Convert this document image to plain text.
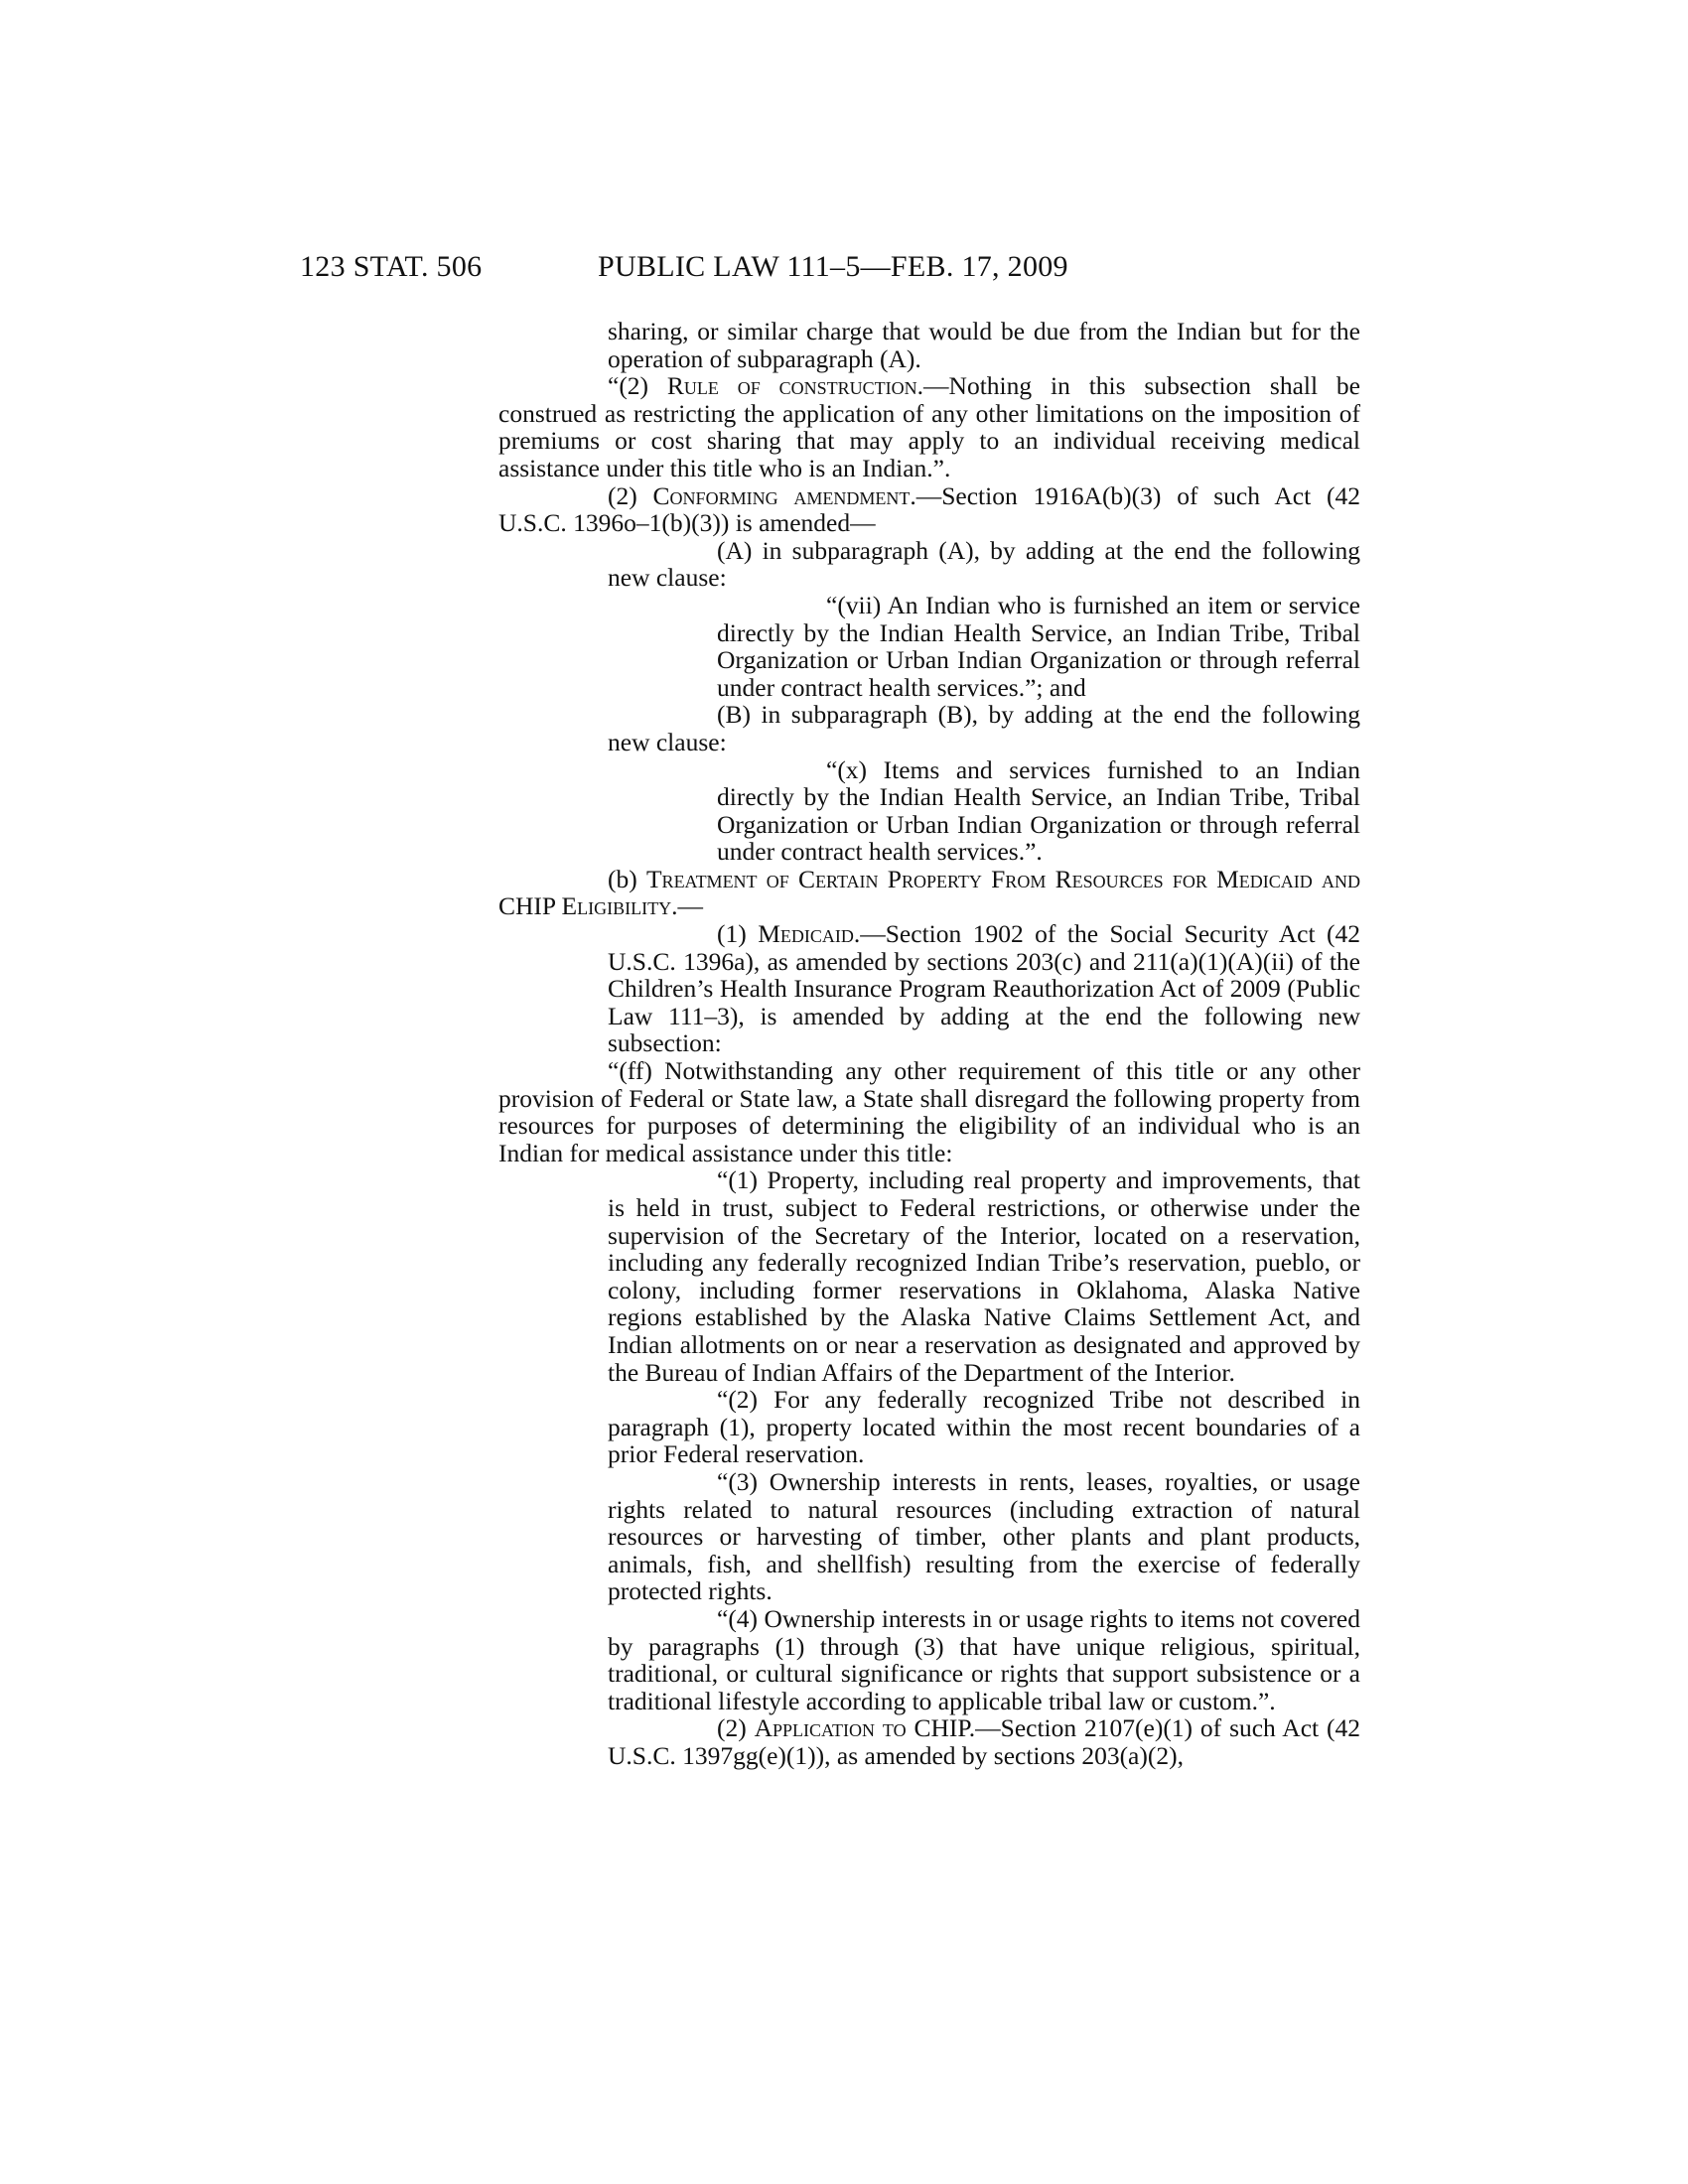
123 STAT. 506	PUBLIC LAW 111–5—FEB. 17, 2009

sharing, or similar charge that would be due from the Indian but for the operation of subparagraph (A).

“(2) Rule of construction.—Nothing in this subsection shall be construed as restricting the application of any other limitations on the imposition of premiums or cost sharing that may apply to an individual receiving medical assistance under this title who is an Indian.”.

(2) Conforming amendment.—Section 1916A(b)(3) of such Act (42 U.S.C. 1396o–1(b)(3)) is amended—

(A) in subparagraph (A), by adding at the end the following new clause:

“(vii) An Indian who is furnished an item or service directly by the Indian Health Service, an Indian Tribe, Tribal Organization or Urban Indian Organization or through referral under contract health services.”; and

(B) in subparagraph (B), by adding at the end the following new clause:

“(x) Items and services furnished to an Indian directly by the Indian Health Service, an Indian Tribe, Tribal Organization or Urban Indian Organization or through referral under contract health services.”.

(b) Treatment of Certain Property From Resources for Medicaid and CHIP Eligibility.—

(1) Medicaid.—Section 1902 of the Social Security Act (42 U.S.C. 1396a), as amended by sections 203(c) and 211(a)(1)(A)(ii) of the Children’s Health Insurance Program Reauthorization Act of 2009 (Public Law 111–3), is amended by adding at the end the following new subsection:

“(ff) Notwithstanding any other requirement of this title or any other provision of Federal or State law, a State shall disregard the following property from resources for purposes of determining the eligibility of an individual who is an Indian for medical assistance under this title:

“(1) Property, including real property and improvements, that is held in trust, subject to Federal restrictions, or otherwise under the supervision of the Secretary of the Interior, located on a reservation, including any federally recognized Indian Tribe’s reservation, pueblo, or colony, including former reservations in Oklahoma, Alaska Native regions established by the Alaska Native Claims Settlement Act, and Indian allotments on or near a reservation as designated and approved by the Bureau of Indian Affairs of the Department of the Interior.

“(2) For any federally recognized Tribe not described in paragraph (1), property located within the most recent boundaries of a prior Federal reservation.

“(3) Ownership interests in rents, leases, royalties, or usage rights related to natural resources (including extraction of natural resources or harvesting of timber, other plants and plant products, animals, fish, and shellfish) resulting from the exercise of federally protected rights.

“(4) Ownership interests in or usage rights to items not covered by paragraphs (1) through (3) that have unique religious, spiritual, traditional, or cultural significance or rights that support subsistence or a traditional lifestyle according to applicable tribal law or custom.”.

(2) Application to CHIP.—Section 2107(e)(1) of such Act (42 U.S.C. 1397gg(e)(1)), as amended by sections 203(a)(2),
